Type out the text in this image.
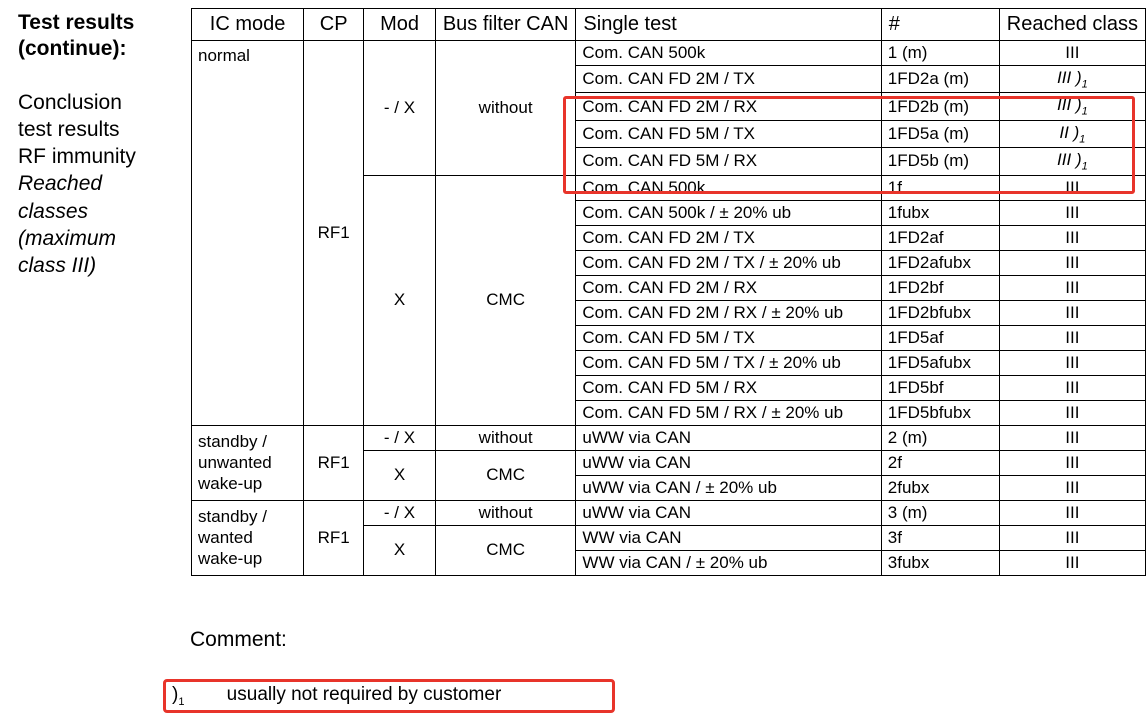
Test results (continue):
Conclusion
test results
RF immunity
Reached
classes
(maximum
class III)
IC mode	CP	Mod	Bus filter CAN	Single test	#	Reached class
normal	RF1	- / X	without	Com. CAN 500k	1 (m)	III
				Com. CAN FD 2M / TX	1FD2a (m)	III )$_1$
				Com. CAN FD 2M / RX	1FD2b (m)	III )$_1$
				Com. CAN FD 5M / TX	1FD5a (m)	II )$_1$
				Com. CAN FD 5M / RX	1FD5b (m)	III )$_1$
		X	CMC	Com. CAN 500k	1f	III
				Com. CAN 500k / ± 20% ub	1fubx	III
				Com. CAN FD 2M / TX	1FD2af	III
				Com. CAN FD 2M / TX / ± 20% ub	1FD2afubx	III
				Com. CAN FD 2M / RX	1FD2bf	III
				Com. CAN FD 2M / RX / ± 20% ub	1FD2bfubx	III
				Com. CAN FD 5M / TX	1FD5af	III
				Com. CAN FD 5M / TX / ± 20% ub	1FD5afubx	III
				Com. CAN FD 5M / RX	1FD5bf	III
				Com. CAN FD 5M / RX / ± 20% ub	1FD5bfubx	III
standby / unwanted wake-up	RF1	- / X	without	uWW via CAN	2 (m)	III
		X	CMC	uWW via CAN	2f	III
				uWW via CAN / ± 20% ub	2fubx	III
standby / wanted wake-up	RF1	- / X	without	uWW via CAN	3 (m)	III
		X	CMC	WW via CAN	3f	III
				WW via CAN / ± 20% ub	3fubx	III
Comment:
)$_1$        usually not required by customer
